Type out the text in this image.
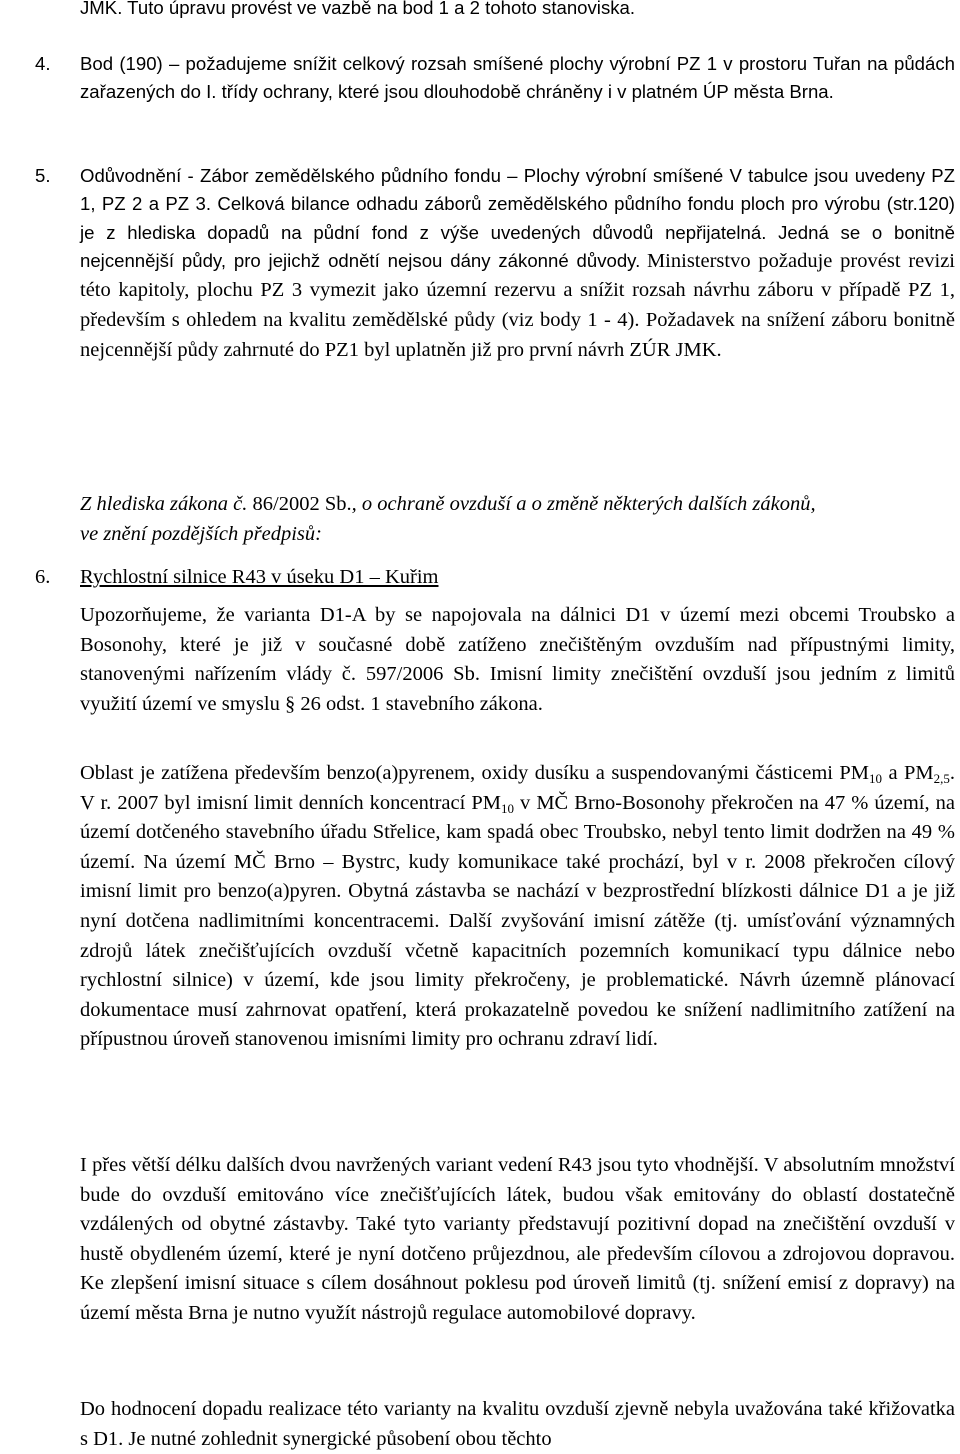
JMK. Tuto úpravu provést ve vazbě na bod 1 a 2 tohoto stanoviska.

4. Bod (190) – požadujeme snížit celkový rozsah smíšené plochy výrobní PZ 1 v prostoru Tuřan na půdách zařazených do I. třídy ochrany, které jsou dlouhodobě chráněny i v platném ÚP města Brna.
5. Odůvodnění - Zábor zemědělského půdního fondu – Plochy výrobní smíšené V tabulce jsou uvedeny PZ 1, PZ 2 a PZ 3. Celková bilance odhadu záborů zemědělského půdního fondu ploch pro výrobu (str.120) je z hlediska dopadů na půdní fond z výše uvedených důvodů nepřijatelná. Jedná se o bonitně nejcennější půdy, pro jejichž odnětí nejsou dány zákonné důvody. Ministerstvo požaduje provést revizi této kapitoly, plochu PZ 3 vymezit jako územní rezervu a snížit rozsah návrhu záboru v případě PZ 1, především s ohledem na kvalitu zemědělské půdy (viz body 1 - 4). Požadavek na snížení záboru bonitně nejcennější půdy zahrnuté do PZ1 byl uplatněn již pro první návrh ZÚR JMK.

Z hlediska zákona č. 86/2002 Sb., o ochraně ovzduší a o změně některých dalších zákonů,
ve znění pozdějších předpisů:

6. Rychlostní silnice R43 v úseku D1 – Kuřim

Upozorňujeme, že varianta D1-A by se napojovala na dálnici D1 v území mezi obcemi Troubsko a Bosonohy, které je již v současné době zatíženo znečištěným ovzduším nad přípustnými limity, stanovenými nařízením vlády č. 597/2006 Sb. Imisní limity znečištění ovzduší jsou jedním z limitů využití území ve smyslu § 26 odst. 1 stavebního zákona.

Oblast je zatížena především benzo(a)pyrenem, oxidy dusíku a suspendovanými částicemi $PM_{10}$ a $PM_{2,5}$. V r. 2007 byl imisní limit denních koncentrací $PM_{10}$ v MČ Brno-Bosonohy překročen na 47 % území, na území dotčeného stavebního úřadu Střelice, kam spadá obec Troubsko, nebyl tento limit dodržen na 49 % území. Na území MČ Brno – Bystrc, kudy komunikace také prochází, byl v r. 2008 překročen cílový imisní limit pro benzo(a)pyren. Obytná zástavba se nachází v bezprostřední blízkosti dálnice D1 a je již nyní dotčena nadlimitními koncentracemi. Další zvyšování imisní zátěže (tj. umísťování významných zdrojů látek znečišťujících ovzduší včetně kapacitních pozemních komunikací typu dálnice nebo rychlostní silnice) v území, kde jsou limity překročeny, je problematické. Návrh územně plánovací dokumentace musí zahrnovat opatření, která prokazatelně povedou ke snížení nadlimitního zatížení na přípustnou úroveň stanovenou imisními limity pro ochranu zdraví lidí.

I přes větší délku dalších dvou navržených variant vedení R43 jsou tyto vhodnější. V absolutním množství bude do ovzduší emitováno více znečišťujících látek, budou však emitovány do oblastí dostatečně vzdálených od obytné zástavby. Také tyto varianty představují pozitivní dopad na znečištění ovzduší v hustě obydleném území, které je nyní dotčeno průjezdnou, ale především cílovou a zdrojovou dopravou. Ke zlepšení imisní situace s cílem dosáhnout poklesu pod úroveň limitů (tj. snížení emisí z dopravy) na území města Brna je nutno využít nástrojů regulace automobilové dopravy.

Do hodnocení dopadu realizace této varianty na kvalitu ovzduší zjevně nebyla uvažována také křižovatka s D1. Je nutné zohlednit synergické působení obou těchto
